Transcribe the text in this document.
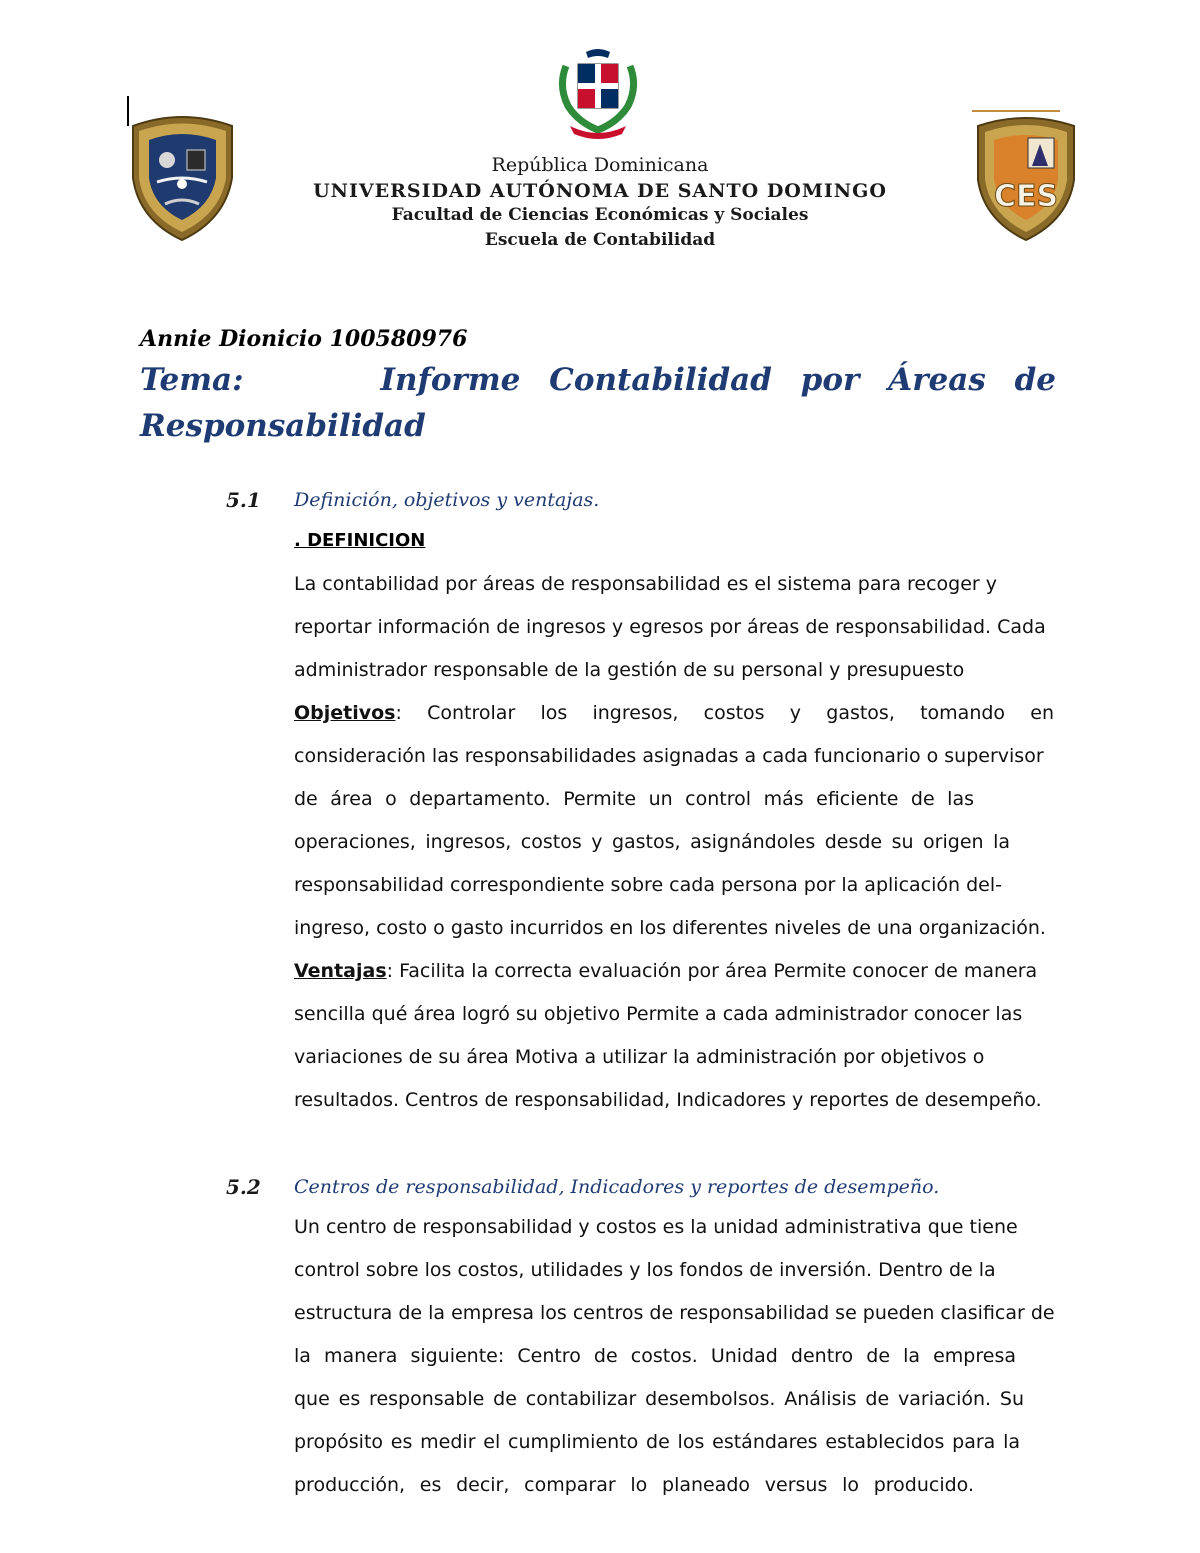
CES
República Dominicana
UNIVERSIDAD AUTÓNOMA DE SANTO DOMINGO
Facultad de Ciencias Económicas y Sociales
Escuela de Contabilidad
Annie Dionicio 100580976
Tema:	Informe Contabilidad por Áreas de
Responsabilidad
5.1 Definición, objetivos y ventajas.
. DEFINICION
La contabilidad por áreas de responsabilidad es el sistema para recoger y
reportar información de ingresos y egresos por áreas de responsabilidad. Cada
administrador responsable de la gestión de su personal y presupuesto
Objetivos: Controlar los ingresos, costos y gastos, tomando en
consideración las responsabilidades asignadas a cada funcionario o supervisor
de área o departamento. Permite un control más eficiente de las
operaciones, ingresos, costos y gastos, asignándoles desde su origen la
responsabilidad correspondiente sobre cada persona por la aplicación del-
ingreso, costo o gasto incurridos en los diferentes niveles de una organización.
Ventajas: Facilita la correcta evaluación por área Permite conocer de manera
sencilla qué área logró su objetivo Permite a cada administrador conocer las
variaciones de su área Motiva a utilizar la administración por objetivos o
resultados. Centros de responsabilidad, Indicadores y reportes de desempeño.
5.2 Centros de responsabilidad, Indicadores y reportes de desempeño.
Un centro de responsabilidad y costos es la unidad administrativa que tiene
control sobre los costos, utilidades y los fondos de inversión. Dentro de la
estructura de la empresa los centros de responsabilidad se pueden clasificar de
la manera siguiente: Centro de costos. Unidad dentro de la empresa
que es responsable de contabilizar desembolsos. Análisis de variación. Su
propósito es medir el cumplimiento de los estándares establecidos para la
producción, es decir, comparar lo planeado versus lo producido.
